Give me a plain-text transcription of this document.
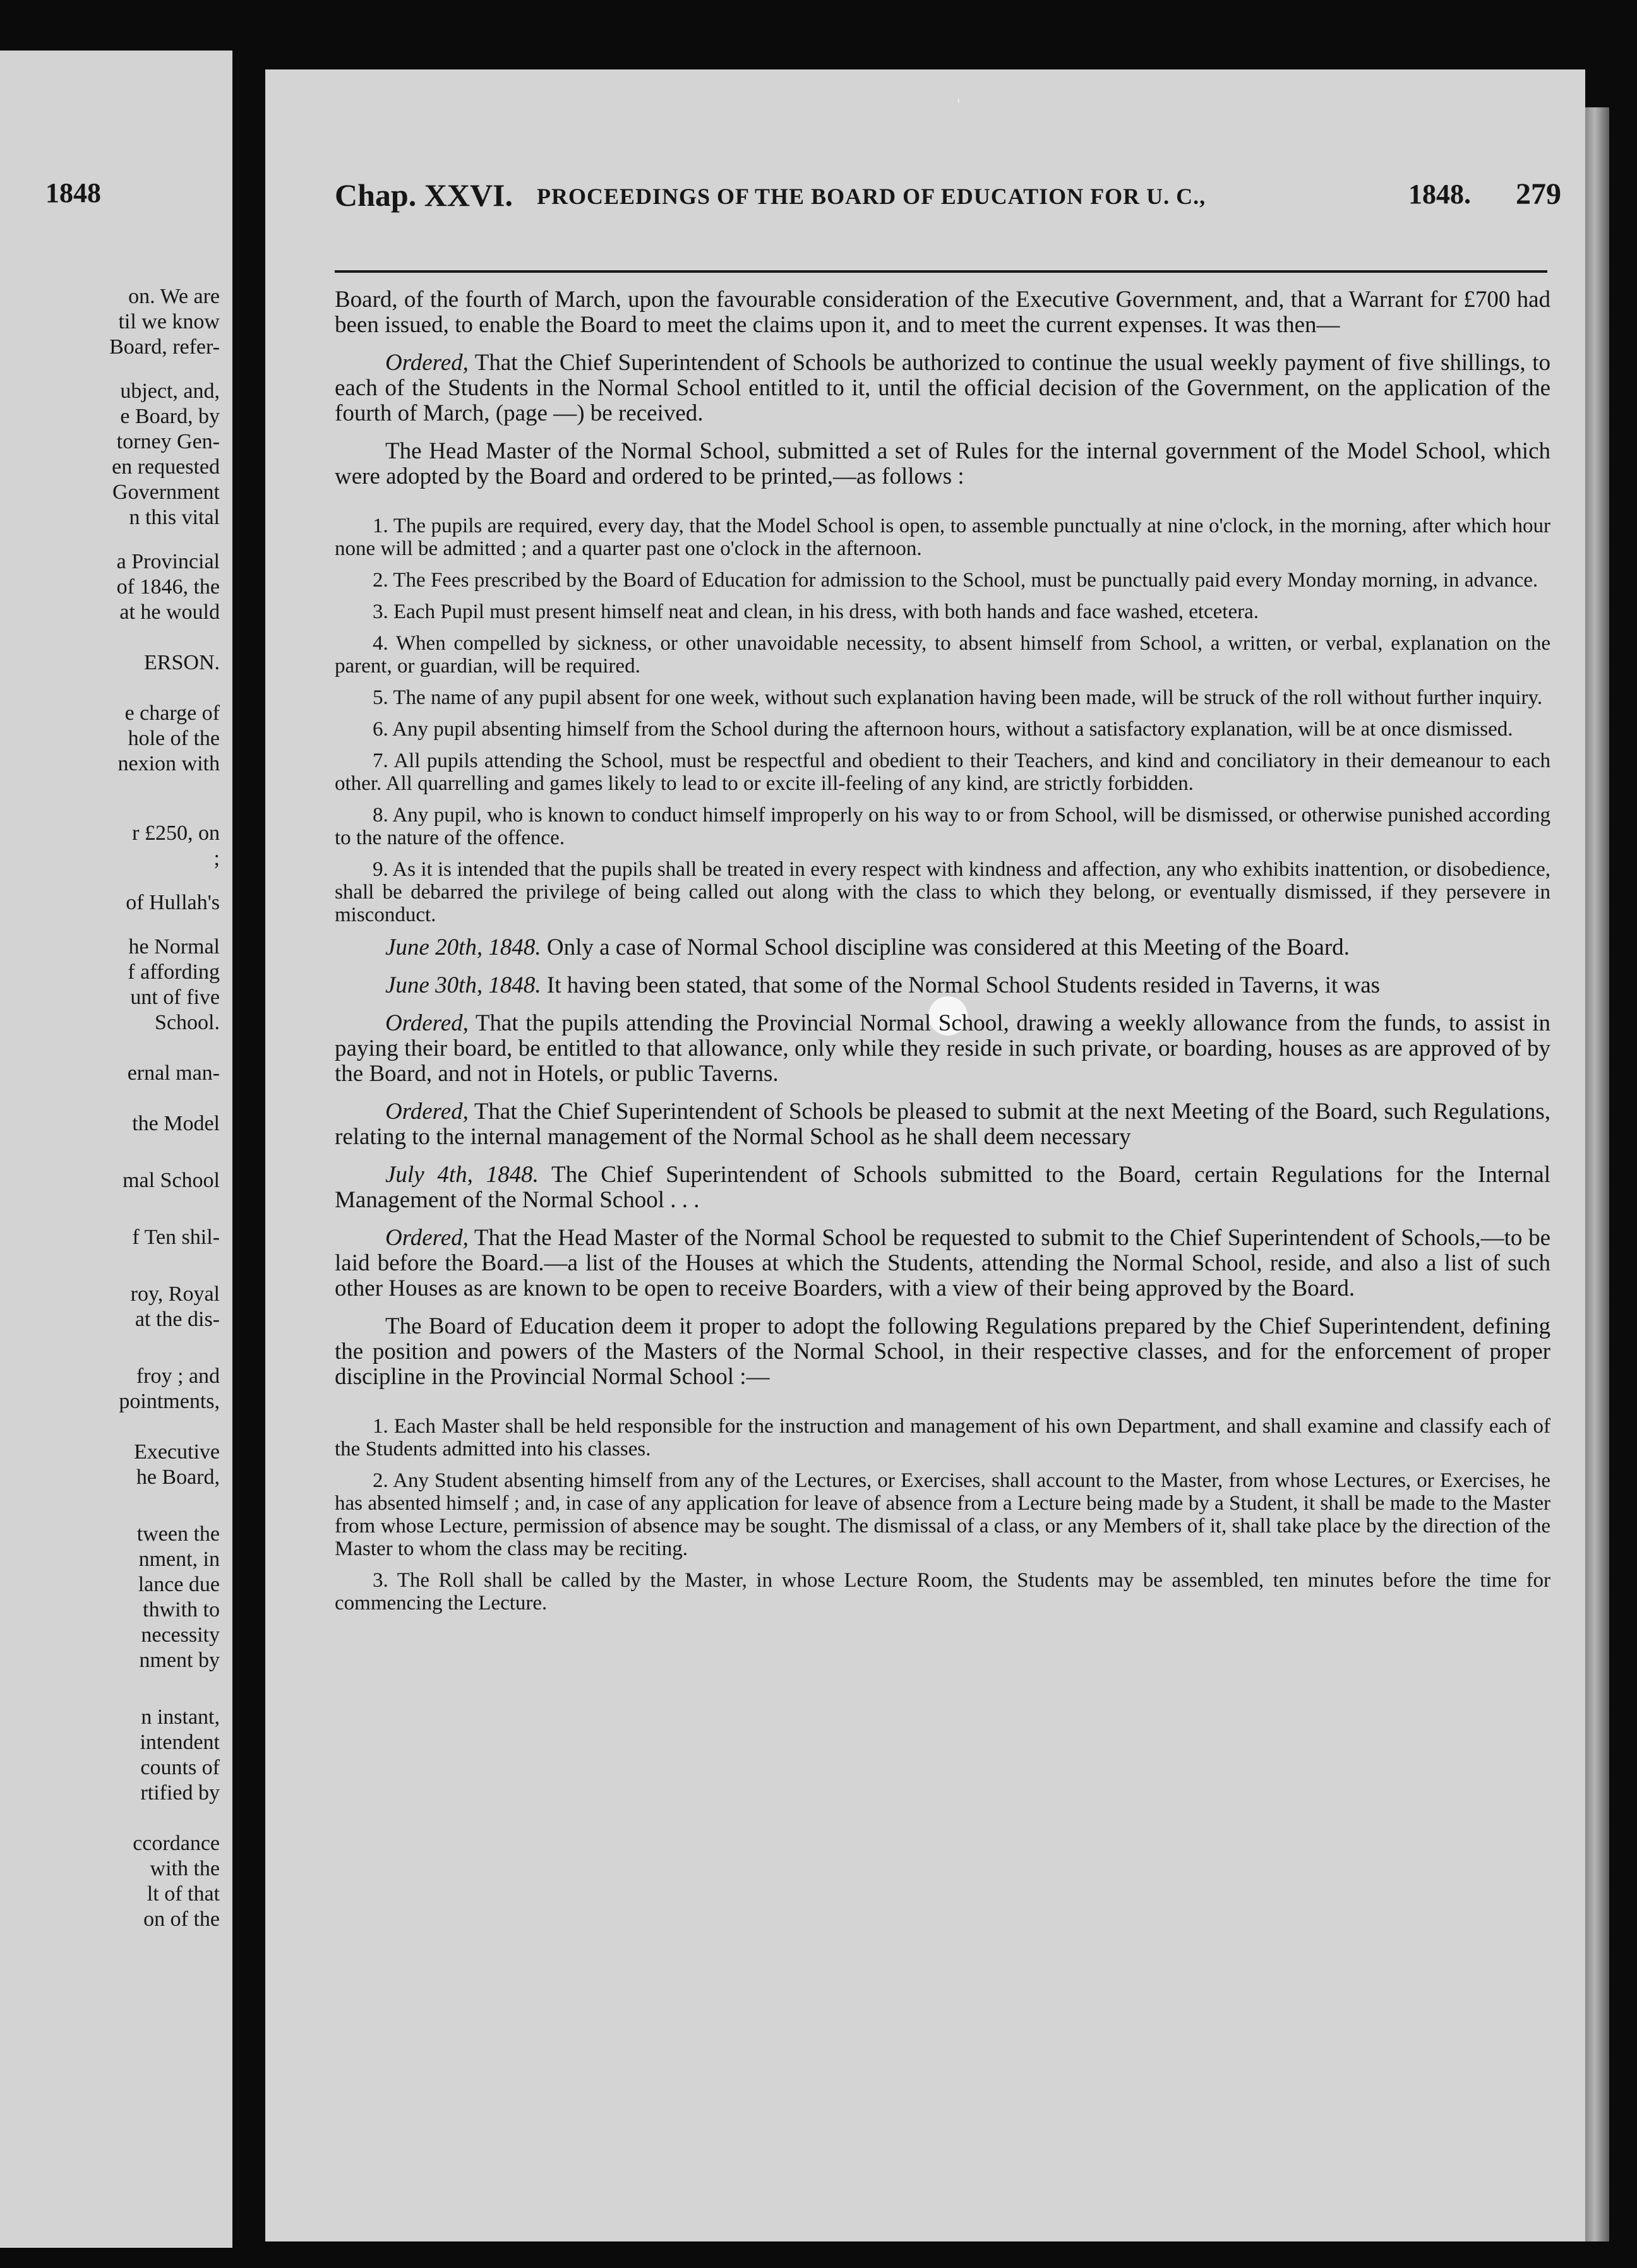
1848
on. We are
til we know
Board, refer-
ubject, and,
e Board, by
torney Gen-
en requested
Government
n this vital
a Provincial
of 1846, the
at he would
ERSON.
e charge of
hole of the
nexion with
r £250, on
;
of Hullah's
he Normal
f affording
unt of five
School.
ernal man-
the Model
mal School
f Ten shil-
roy, Royal
at the dis-
froy ; and
pointments,
Executive
he Board,
tween the
nment, in
lance due
thwith to
necessity
nment by
n instant,
intendent
counts of
rtified by
ccordance
with the
lt of that
on of the
'
Chap. XXVI. PROCEEDINGS OF THE BOARD OF EDUCATION FOR U. C.,	1848. 279

Board, of the fourth of March, upon the favourable consideration of the Executive Government, and, that a Warrant for £700 had been issued, to enable the Board to meet the claims upon it, and to meet the current expenses. It was then—

Ordered, That the Chief Superintendent of Schools be authorized to continue the usual weekly payment of five shillings, to each of the Students in the Normal School entitled to it, until the official decision of the Government, on the application of the fourth of March, (page —) be received.

The Head Master of the Normal School, submitted a set of Rules for the internal government of the Model School, which were adopted by the Board and ordered to be printed,—as follows :

1. The pupils are required, every day, that the Model School is open, to assemble punctually at nine o'clock, in the morning, after which hour none will be admitted ; and a quarter past one o'clock in the afternoon.

2. The Fees prescribed by the Board of Education for admission to the School, must be punctually paid every Monday morning, in advance.

3. Each Pupil must present himself neat and clean, in his dress, with both hands and face washed, etcetera.

4. When compelled by sickness, or other unavoidable necessity, to absent himself from School, a written, or verbal, explanation on the parent, or guardian, will be required.

5. The name of any pupil absent for one week, without such explanation having been made, will be struck of the roll without further inquiry.

6. Any pupil absenting himself from the School during the afternoon hours, without a satisfactory explanation, will be at once dismissed.

7. All pupils attending the School, must be respectful and obedient to their Teachers, and kind and conciliatory in their demeanour to each other. All quarrelling and games likely to lead to or excite ill-feeling of any kind, are strictly forbidden.

8. Any pupil, who is known to conduct himself improperly on his way to or from School, will be dismissed, or otherwise punished according to the nature of the offence.

9. As it is intended that the pupils shall be treated in every respect with kindness and affection, any who exhibits inattention, or disobedience, shall be debarred the privilege of being called out along with the class to which they belong, or eventually dismissed, if they persevere in misconduct.

June 20th, 1848. Only a case of Normal School discipline was considered at this Meeting of the Board.

June 30th, 1848. It having been stated, that some of the Normal School Students resided in Taverns, it was

Ordered, That the pupils attending the Provincial Normal School, drawing a weekly allowance from the funds, to assist in paying their board, be entitled to that allowance, only while they reside in such private, or boarding, houses as are approved of by the Board, and not in Hotels, or public Taverns.

Ordered, That the Chief Superintendent of Schools be pleased to submit at the next Meeting of the Board, such Regulations, relating to the internal management of the Normal School as he shall deem necessary

July 4th, 1848. The Chief Superintendent of Schools submitted to the Board, certain Regulations for the Internal Management of the Normal School . . .

Ordered, That the Head Master of the Normal School be requested to submit to the Chief Superintendent of Schools,—to be laid before the Board.—a list of the Houses at which the Students, attending the Normal School, reside, and also a list of such other Houses as are known to be open to receive Boarders, with a view of their being approved by the Board.

The Board of Education deem it proper to adopt the following Regulations prepared by the Chief Superintendent, defining the position and powers of the Masters of the Normal School, in their respective classes, and for the enforcement of proper discipline in the Provincial Normal School :—

1. Each Master shall be held responsible for the instruction and management of his own Department, and shall examine and classify each of the Students admitted into his classes.

2. Any Student absenting himself from any of the Lectures, or Exercises, shall account to the Master, from whose Lectures, or Exercises, he has absented himself ; and, in case of any application for leave of absence from a Lecture being made by a Student, it shall be made to the Master from whose Lecture, permission of absence may be sought. The dismissal of a class, or any Members of it, shall take place by the direction of the Master to whom the class may be reciting.

3. The Roll shall be called by the Master, in whose Lecture Room, the Students may be assembled, ten minutes before the time for commencing the Lecture.
